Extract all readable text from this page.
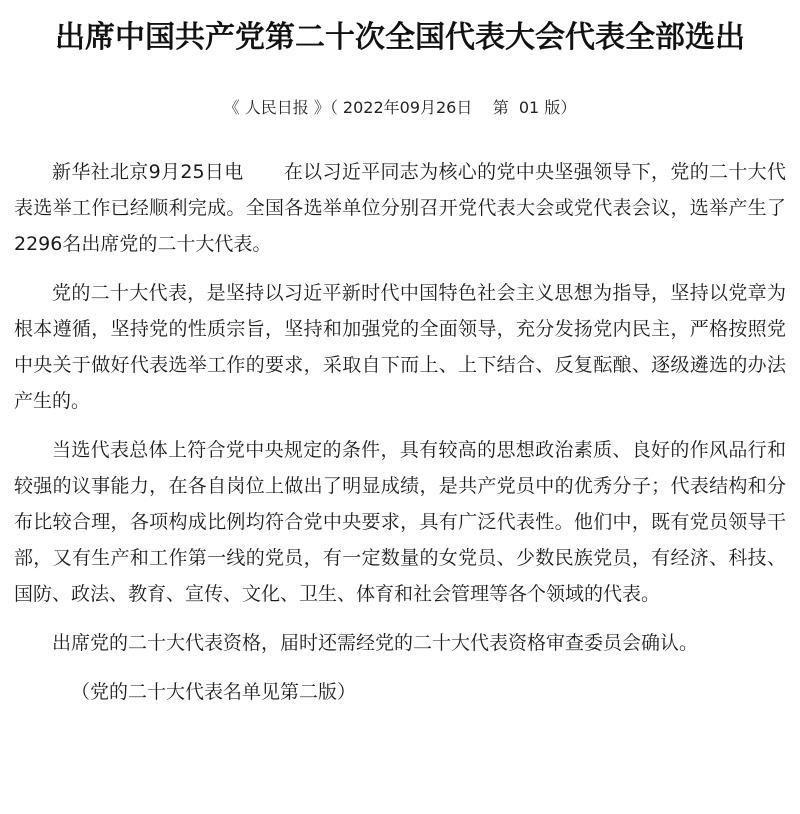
出席中国共产党第二十次全国代表大会代表全部选出
《 人民日报 》（ 2022年09月26日    第  01 版）

新华社北京9月25日电 在以习近平同志为核心的党中央坚强领导下，党的二十大代表选举工作已经顺利完成。全国各选举单位分别召开党代表大会或党代表会议，选举产生了2296名出席党的二十大代表。

党的二十大代表，是坚持以习近平新时代中国特色社会主义思想为指导，坚持以党章为根本遵循，坚持党的性质宗旨，坚持和加强党的全面领导，充分发扬党内民主，严格按照党中央关于做好代表选举工作的要求，采取自下而上、上下结合、反复酝酿、逐级遴选的办法产生的。

当选代表总体上符合党中央规定的条件，具有较高的思想政治素质、良好的作风品行和较强的议事能力，在各自岗位上做出了明显成绩，是共产党员中的优秀分子；代表结构和分布比较合理，各项构成比例均符合党中央要求，具有广泛代表性。他们中，既有党员领导干部，又有生产和工作第一线的党员，有一定数量的女党员、少数民族党员，有经济、科技、国防、政法、教育、宣传、文化、卫生、体育和社会管理等各个领域的代表。

出席党的二十大代表资格，届时还需经党的二十大代表资格审查委员会确认。

（党的二十大代表名单见第二版）
